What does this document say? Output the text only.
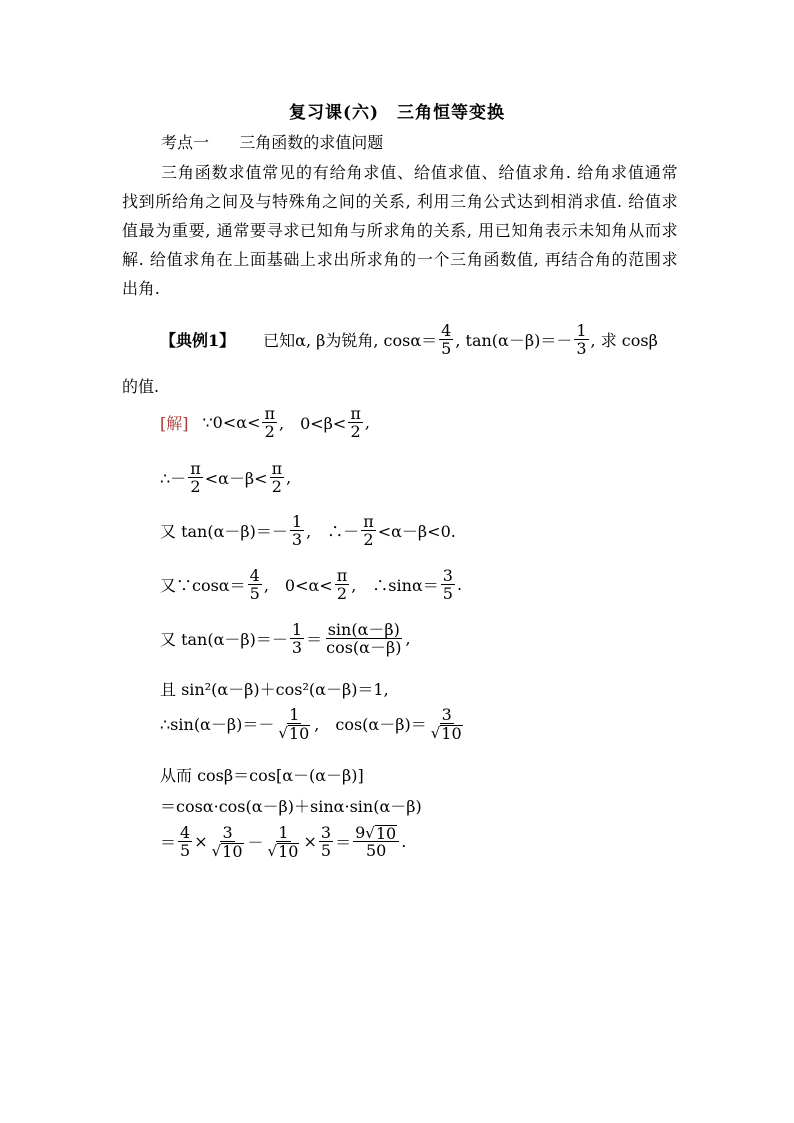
复习课(六)　三角恒等变换
考点一 三角函数的求值问题
三角函数求值常见的有给角求值、给值求值、给值求角. 给角求值通常找到所给角之间及与特殊角之间的关系, 利用三角公式达到相消求值. 给值求值最为重要, 通常要寻求已知角与所求角的关系, 用已知角表示未知角从而求解. 给值求角在上面基础上求出所求角的一个三角函数值, 再结合角的范围求出角.
【典例1】 已知α, β为锐角, $\cos\alpha= \frac{4}{5}$ , $\tan(\alpha-\beta)=- \frac{1}{3}$ , 求 cosβ
的值.
[解] ∵0<α< $\frac{\pi}{2}$ ,　$0<\beta< \frac{\pi}{2}$ ,
∴－ $\frac{\pi}{2} <\alpha-\beta< \frac{\pi}{2}$ ,
又 $\tan(\alpha-\beta)=- \frac{1}{3}$ ,　∴－ $\frac{\pi}{2} <\alpha-\beta<0$.
又∵cosα＝ $\frac{4}{5}$ ,　$0<\alpha< \frac{\pi}{2}$ ,　∴sinα＝ $\frac{3}{5}$ .
又 $\tan(\alpha-\beta)=- \frac{1}{3} = \frac{\sin(\alpha-\beta)}{\cos(\alpha-\beta)}$ ,
且 sin²(α－β)＋cos²(α－β)＝1,
∴sin(α－β)＝－ $\frac{1}{√ 10}$ ,　$\cos(\alpha-\beta)= \frac{3}{√ 10}$
从而 cosβ＝cos[α－(α－β)]
＝cosα·cos(α－β)＋sinα·sin(α－β)
＝ $\frac{4}{5} \times \frac{3}{√ 10} - \frac{1}{√ 10} \times \frac{3}{5} = \frac{9 √ 10}{50}$ .
